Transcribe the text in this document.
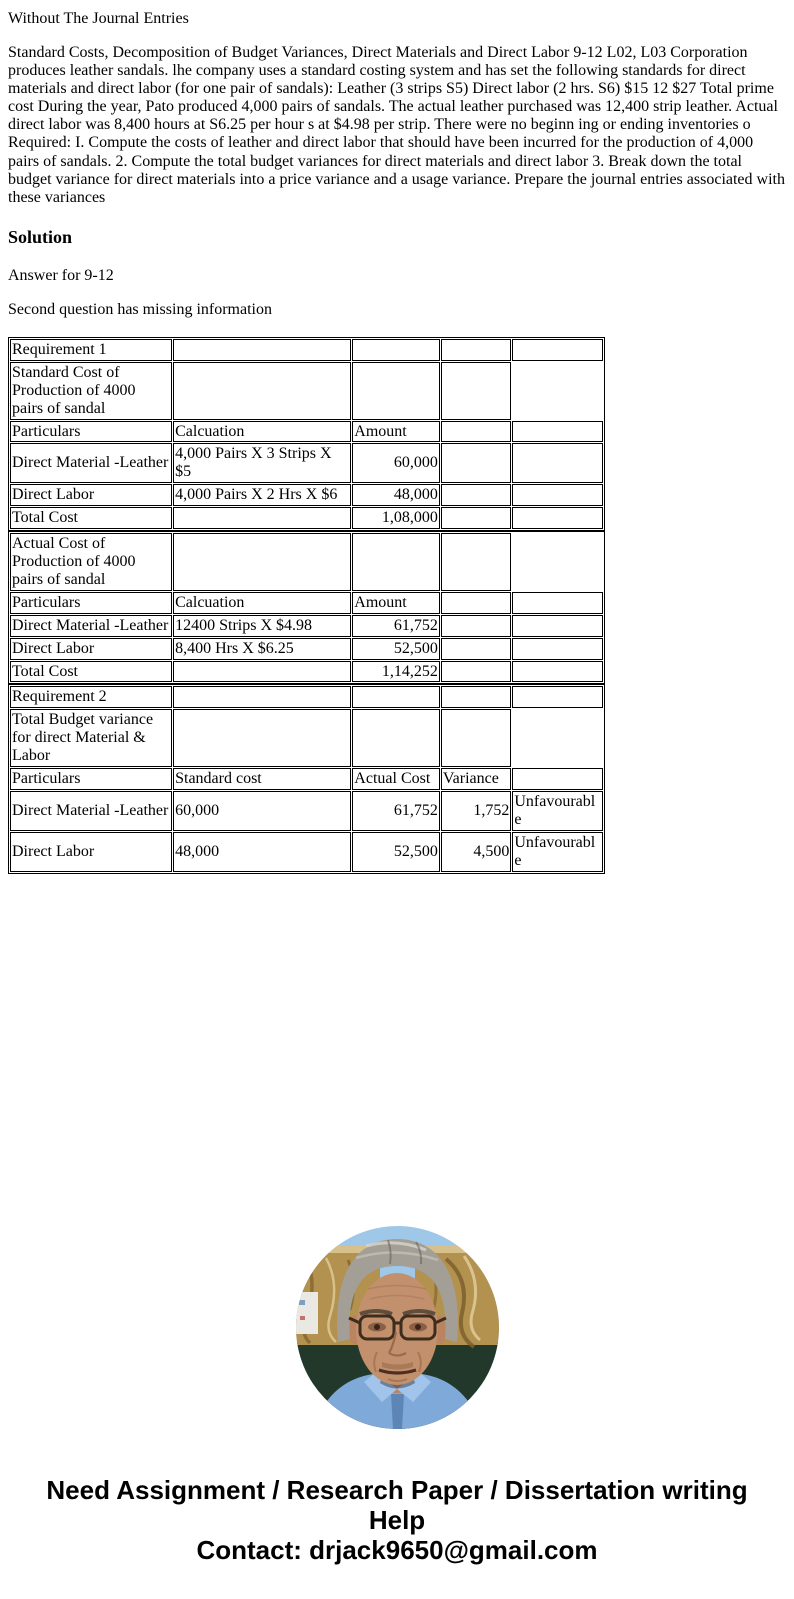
Without The Journal Entries

Standard Costs, Decomposition of Budget Variances, Direct Materials and Direct Labor 9-12 L02, L03 Corporation produces leather sandals. lhe company uses a standard costing system and has set the following standards for direct materials and direct labor (for one pair of sandals): Leather (3 strips S5) Direct labor (2 hrs. S6) $15 12 $27 Total prime cost During the year, Pato produced 4,000 pairs of sandals. The actual leather purchased was 12,400 strip leather. Actual direct labor was 8,400 hours at S6.25 per hour s at $4.98 per strip. There were no beginn ing or ending inventories o Required: I. Compute the costs of leather and direct labor that should have been incurred for the production of 4,000 pairs of sandals. 2. Compute the total budget variances for direct materials and direct labor 3. Break down the total budget variance for direct materials into a price variance and a usage variance. Prepare the journal entries associated with these variances

Solution

Answer for 9-12

Second question has missing information

Requirement 1				
Standard Cost of Production of 4000 pairs of sandal				
Particulars	Calcuation	Amount		
Direct Material -Leather	4,000 Pairs X 3 Strips X $5	60,000		
Direct Labor	4,000 Pairs X 2 Hrs X $6	48,000		
Total Cost		1,08,000		
Actual Cost of Production of 4000 pairs of sandal				
Particulars	Calcuation	Amount		
Direct Material -Leather	12400 Strips X $4.98	61,752		
Direct Labor	8,400 Hrs X $6.25	52,500		
Total Cost		1,14,252		
Requirement 2				
Total Budget variance for direct Material & Labor				
Particulars	Standard cost	Actual Cost	Variance	
Direct Material -Leather	60,000	61,752	1,752	Unfavourable
Direct Labor	48,000	52,500	4,500	Unfavourable
Need Assignment / Research Paper / Dissertation writing Help
Contact: drjack9650@gmail.com
